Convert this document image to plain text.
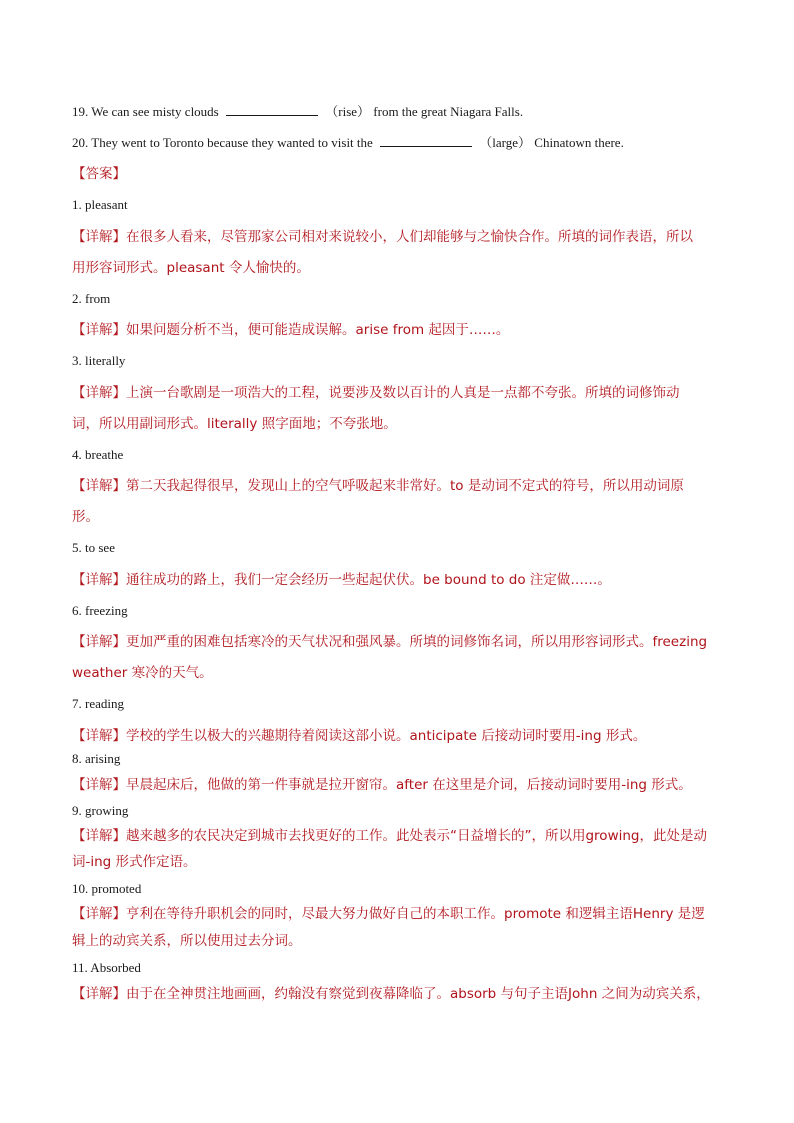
19. We can see misty clouds	（rise） from the great Niagara Falls.
20. They went to Toronto because they wanted to visit the	（large） Chinatown there.
【答案】
1. pleasant
【详解】在很多人看来，尽管那家公司相对来说较小，人们却能够与之愉快合作。所填的词作表语，所以
用形容词形式。pleasant 令人愉快的。
2. from
【详解】如果问题分析不当，便可能造成误解。arise from 起因于……。
3. literally
【详解】上演一台歌剧是一项浩大的工程，说要涉及数以百计的人真是一点都不夸张。所填的词修饰动
词，所以用副词形式。literally 照字面地；不夸张地。
4. breathe
【详解】第二天我起得很早，发现山上的空气呼吸起来非常好。to 是动词不定式的符号，所以用动词原
形。
5. to see
【详解】通往成功的路上，我们一定会经历一些起起伏伏。be bound to do 注定做……。
6. freezing
【详解】更加严重的困难包括寒冷的天气状况和强风暴。所填的词修饰名词，所以用形容词形式。freezing
weather 寒冷的天气。
7. reading
【详解】学校的学生以极大的兴趣期待着阅读这部小说。anticipate 后接动词时要用-ing 形式。
8. arising
【详解】早晨起床后，他做的第一件事就是拉开窗帘。after 在这里是介词，后接动词时要用-ing 形式。
9. growing
【详解】越来越多的农民决定到城市去找更好的工作。此处表示“日益增长的”，所以用growing，此处是动
词-ing 形式作定语。
10. promoted
【详解】亨利在等待升职机会的同时，尽最大努力做好自己的本职工作。promote 和逻辑主语Henry 是逻
辑上的动宾关系，所以使用过去分词。
11. Absorbed
【详解】由于在全神贯注地画画，约翰没有察觉到夜幕降临了。absorb 与句子主语John 之间为动宾关系，
